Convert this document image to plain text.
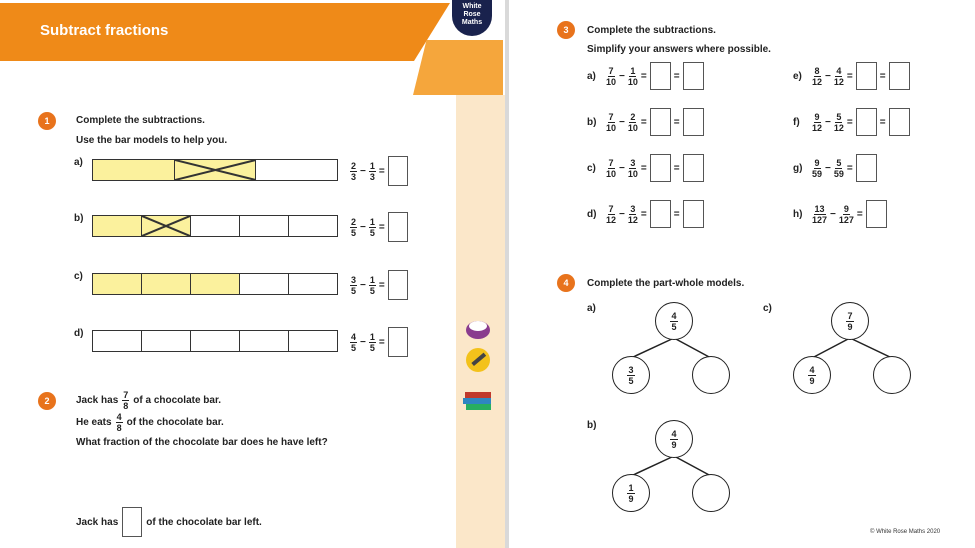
Subtract fractions
White
Rose
Maths
1	Complete the subtractions.
Use the bar models to help you.
a)	$\frac{2}{3} - \frac{1}{3}$ =
b)	$\frac{2}{5} - \frac{1}{5}$ =
c)	$\frac{3}{5} - \frac{1}{5}$ =
d)	$\frac{4}{5} - \frac{1}{5}$ =
2	Jack has $\frac{7}{8}$ of a chocolate bar.
He eats $\frac{4}{8}$ of the chocolate bar.
What fraction of the chocolate bar does he have left?
Jack has	of the chocolate bar left.
3	Complete the subtractions.
Simplify your answers where possible.
a)	$\frac{7}{10} - \frac{1}{10}$ =	=	e)	$\frac{8}{12} - \frac{4}{12}$ =	=
b)	$\frac{7}{10} - \frac{2}{10}$ =	=	f)	$\frac{9}{12} - \frac{5}{12}$ =	=
c)	$\frac{7}{10} - \frac{3}{10}$ =	=	g)	$\frac{9}{59} - \frac{5}{59}$ =
d)	$\frac{7}{12} - \frac{3}{12}$ =	=	h)	$\frac{13}{127} - \frac{9}{127}$ =
4	Complete the part-whole models.
a)
$\frac{4}{5}$
$\frac{3}{5}$
c)
$\frac{7}{9}$
$\frac{4}{9}$
b)
$\frac{4}{9}$
$\frac{1}{9}$
© White Rose Maths 2020
